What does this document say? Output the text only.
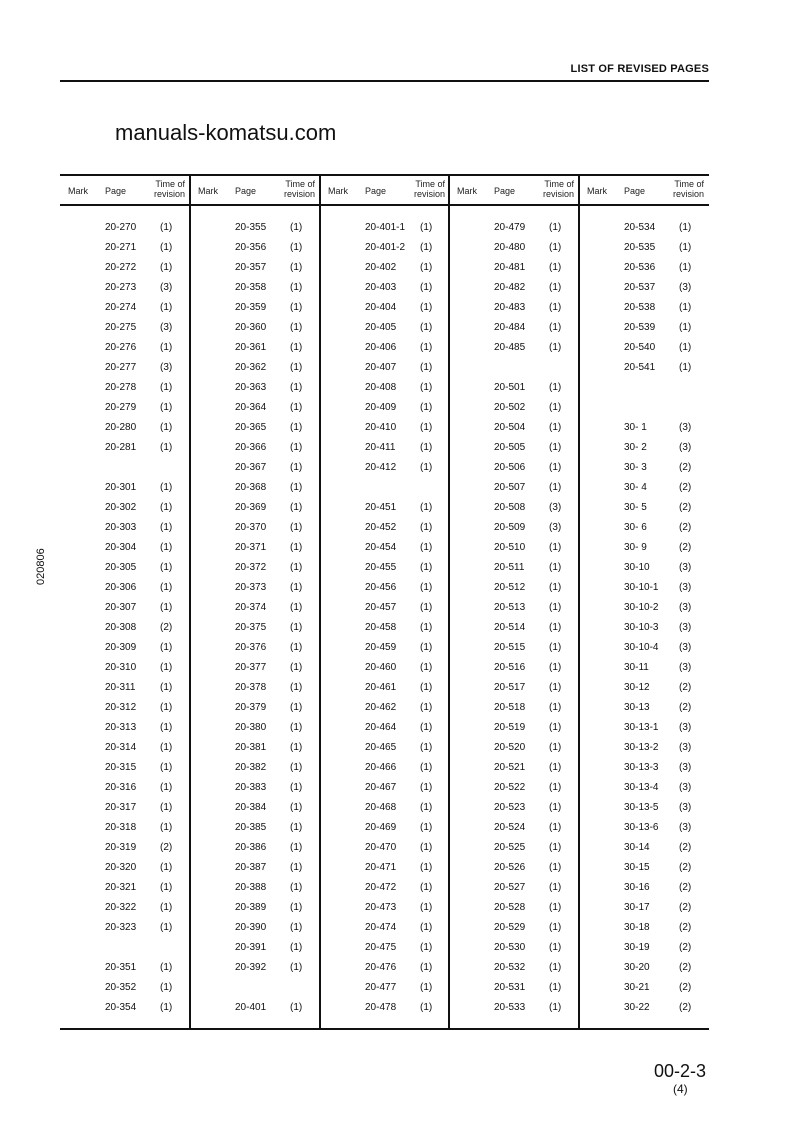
LIST OF REVISED PAGES
Mark Page
Time of
revision
20-270 (1)
20-271 (1)
20-272 (1)
20-273 (3)
20-274 (1)
20-275 (3)
20-276 (1)
20-277 (3)
20-278 (1)
20-279 (1)
20-280 (1)
20-281 (1)
20-301 (1)
20-302 (1)
20-303 (1)
20-304 (1)
20-305 (1)
20-306 (1)
20-307 (1)
20-308 (2)
20-309 (1)
20-310 (1)
20-311 (1)
20-312 (1)
20-313 (1)
20-314 (1)
20-315 (1)
20-316 (1)
20-317 (1)
20-318 (1)
20-319 (2)
20-320 (1)
20-321 (1)
20-322 (1)
20-323 (1)
20-351 (1)
20-352 (1)
20-354 (1)
Mark Page
Time of
revision
20-355 (1)
20-356 (1)
20-357 (1)
20-358 (1)
20-359 (1)
20-360 (1)
20-361 (1)
20-362 (1)
20-363 (1)
20-364 (1)
20-365 (1)
20-366 (1)
20-367 (1)
20-368 (1)
20-369 (1)
20-370 (1)
20-371 (1)
20-372 (1)
20-373 (1)
20-374 (1)
20-375 (1)
20-376 (1)
20-377 (1)
20-378 (1)
20-379 (1)
20-380 (1)
20-381 (1)
20-382 (1)
20-383 (1)
20-384 (1)
20-385 (1)
20-386 (1)
20-387 (1)
20-388 (1)
20-389 (1)
20-390 (1)
20-391 (1)
20-392 (1)
20-401 (1)
Mark Page
Time of
revision
20-401-1 (1)
20-401-2 (1)
20-402 (1)
20-403 (1)
20-404 (1)
20-405 (1)
20-406 (1)
20-407 (1)
20-408 (1)
20-409 (1)
20-410 (1)
20-411 (1)
20-412 (1)
20-451 (1)
20-452 (1)
20-454 (1)
20-455 (1)
20-456 (1)
20-457 (1)
20-458 (1)
20-459 (1)
20-460 (1)
20-461 (1)
20-462 (1)
20-464 (1)
20-465 (1)
20-466 (1)
20-467 (1)
20-468 (1)
20-469 (1)
20-470 (1)
20-471 (1)
20-472 (1)
20-473 (1)
20-474 (1)
20-475 (1)
20-476 (1)
20-477 (1)
20-478 (1)
Mark Page
Time of
revision
20-479 (1)
20-480 (1)
20-481 (1)
20-482 (1)
20-483 (1)
20-484 (1)
20-485 (1)
20-501 (1)
20-502 (1)
20-504 (1)
20-505 (1)
20-506 (1)
20-507 (1)
20-508 (3)
20-509 (3)
20-510 (1)
20-511 (1)
20-512 (1)
20-513 (1)
20-514 (1)
20-515 (1)
20-516 (1)
20-517 (1)
20-518 (1)
20-519 (1)
20-520 (1)
20-521 (1)
20-522 (1)
20-523 (1)
20-524 (1)
20-525 (1)
20-526 (1)
20-527 (1)
20-528 (1)
20-529 (1)
20-530 (1)
20-532 (1)
20-531 (1)
20-533 (1)
Mark Page
Time of
revision
20-534 (1)
20-535 (1)
20-536 (1)
20-537 (3)
20-538 (1)
20-539 (1)
20-540 (1)
20-541 (1)
30- 1	(3)
30- 2	(3)
30- 3	(2)
30- 4	(2)
30- 5	(2)
30- 6	(2)
30- 9	(2)
30-10	(3)
30-10-1 (3)
30-10-2 (3)
30-10-3 (3)
30-10-4 (3)
30-11	(3)
30-12	(2)
30-13	(2)
30-13-1 (3)
30-13-2 (3)
30-13-3 (3)
30-13-4 (3)
30-13-5 (3)
30-13-6 (3)
30-14	(2)
30-15	(2)
30-16	(2)
30-17	(2)
30-18	(2)
30-19	(2)
30-20	(2)
30-21	(2)
30-22	(2)
manuals-komatsu.com
020806
00-2-3
(4)
